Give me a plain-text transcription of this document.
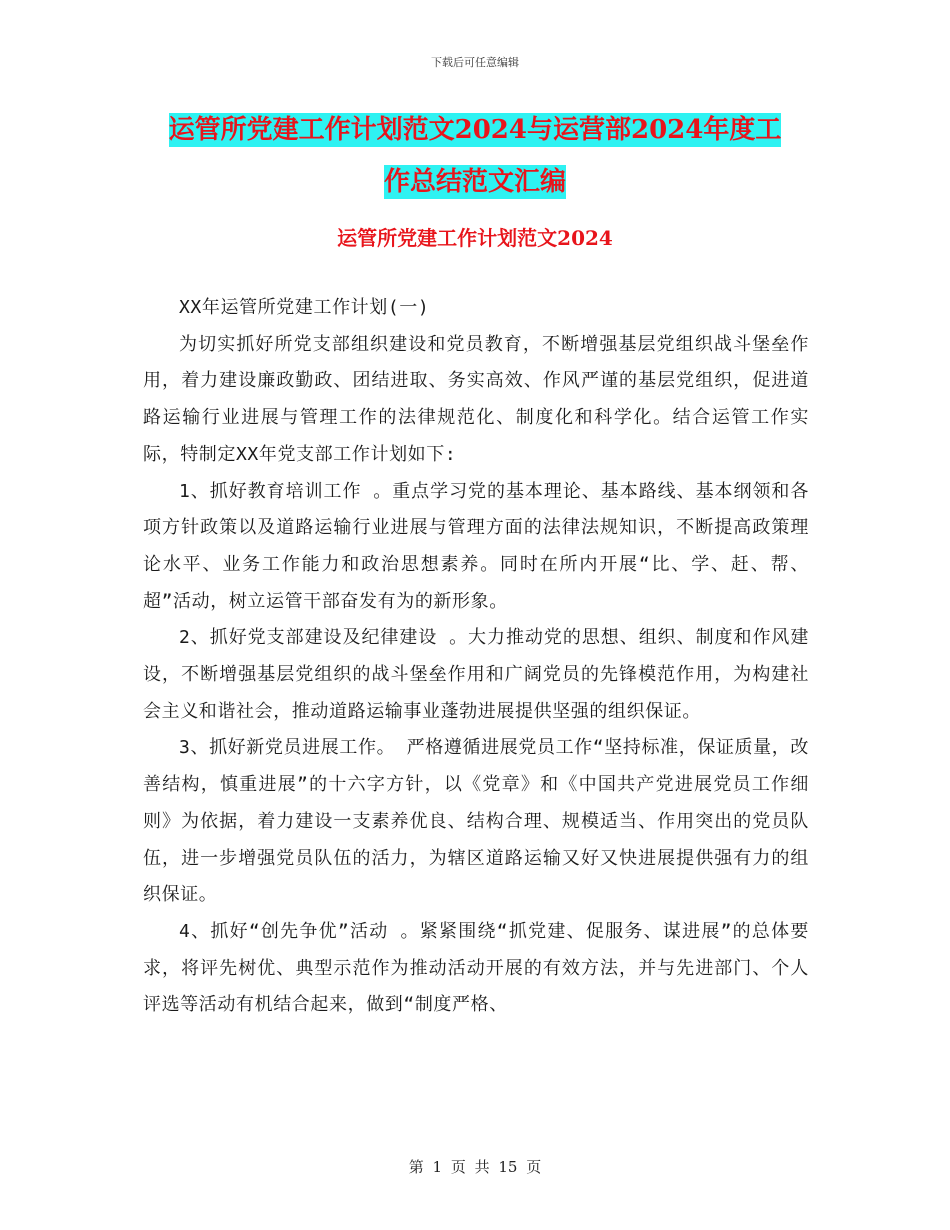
下载后可任意编辑
运管所党建工作计划范文2024与运营部2024年度工
作总结范文汇编
运管所党建工作计划范文2024

XX年运管所党建工作计划(一)

为切实抓好所党支部组织建设和党员教育，不断增强基层党组织战斗堡垒作用，着力建设廉政勤政、团结进取、务实高效、作风严谨的基层党组织，促进道路运输行业进展与管理工作的法律规范化、制度化和科学化。结合运管工作实际，特制定XX年党支部工作计划如下:

1、抓好教育培训工作 。重点学习党的基本理论、基本路线、基本纲领和各项方针政策以及道路运输行业进展与管理方面的法律法规知识，不断提高政策理论水平、业务工作能力和政治思想素养。同时在所内开展“比、学、赶、帮、超”活动，树立运管干部奋发有为的新形象。

2、抓好党支部建设及纪律建设 。大力推动党的思想、组织、制度和作风建设，不断增强基层党组织的战斗堡垒作用和广阔党员的先锋模范作用，为构建社会主义和谐社会，推动道路运输事业蓬勃进展提供坚强的组织保证。

3、抓好新党员进展工作。 严格遵循进展党员工作“坚持标准，保证质量，改善结构，慎重进展”的十六字方针，以《党章》和《中国共产党进展党员工作细则》为依据，着力建设一支素养优良、结构合理、规模适当、作用突出的党员队伍，进一步增强党员队伍的活力，为辖区道路运输又好又快进展提供强有力的组织保证。

4、抓好“创先争优”活动 。紧紧围绕“抓党建、促服务、谋进展”的总体要求，将评先树优、典型示范作为推动活动开展的有效方法，并与先进部门、个人评选等活动有机结合起来，做到“制度严格、

第 1 页 共 15 页
